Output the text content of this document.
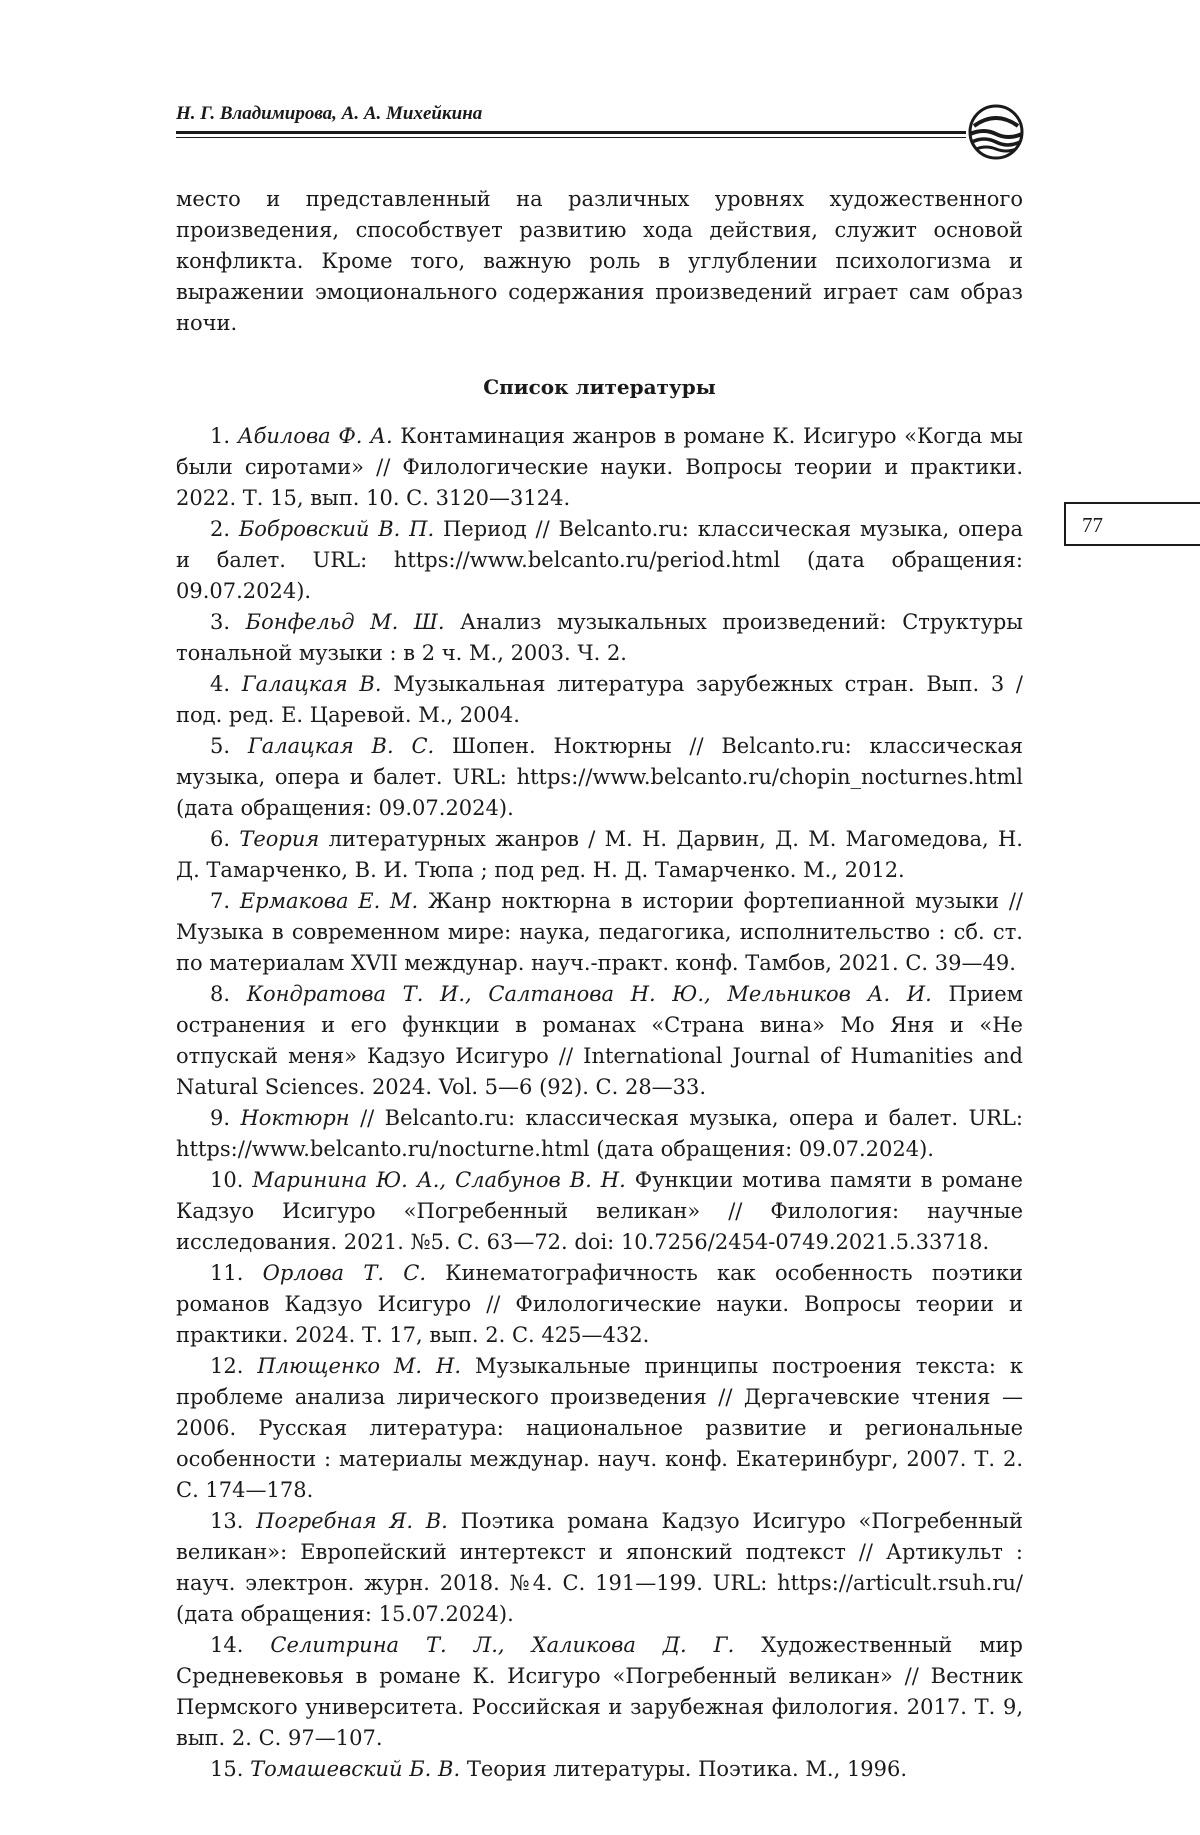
Н. Г. Владимирова, А. А. Михейкина
77

место и представленный на различных уровнях художественного произведения, способствует развитию хода действия, служит основой конфликта. Кроме того, важную роль в углублении психологизма и выражении эмоционального содержания произведений играет сам образ ночи.

Список литературы
1. Абилова Ф. А. Контаминация жанров в романе К. Исигуро «Когда мы были сиротами» // Филологические науки. Вопросы теории и практики. 2022. Т. 15, вып. 10. С. 3120—3124.
2. Бобровский В. П. Период // Belcanto.ru: классическая музыка, опера и балет. URL: https://www.belcanto.ru/period.html (дата обращения: 09.07.2024).
3. Бонфельд М. Ш. Анализ музыкальных произведений: Структуры тональной музыки : в 2 ч. М., 2003. Ч. 2.
4. Галацкая В. Музыкальная литература зарубежных стран. Вып. 3 / под. ред. Е. Царевой. М., 2004.
5. Галацкая В. С. Шопен. Ноктюрны // Belcanto.ru: классическая музыка, опера и балет. URL: https://www.belcanto.ru/chopin_nocturnes.html (дата обращения: 09.07.2024).
6. Теория литературных жанров / М. Н. Дарвин, Д. М. Магомедова, Н. Д. Тамарченко, В. И. Тюпа ; под ред. Н. Д. Тамарченко. М., 2012.
7. Ермакова Е. М. Жанр ноктюрна в истории фортепианной музыки // Музыка в современном мире: наука, педагогика, исполнительство : сб. ст. по материалам XVII междунар. науч.-практ. конф. Тамбов, 2021. С. 39—49.
8. Кондратова Т. И., Салтанова Н. Ю., Мельников А. И. Прием остранения и его функции в романах «Страна вина» Мо Яня и «Не отпускай меня» Кадзуо Исигуро // International Journal of Humanities and Natural Sciences. 2024. Vol. 5—6 (92). С. 28—33.
9. Ноктюрн // Belcanto.ru: классическая музыка, опера и балет. URL: https://www.belcanto.ru/nocturne.html (дата обращения: 09.07.2024).
10. Маринина Ю. А., Слабунов В. Н. Функции мотива памяти в романе Кадзуо Исигуро «Погребенный великан» // Филология: научные исследования. 2021. №5. С. 63—72. doi: 10.7256/2454-0749.2021.5.33718.
11. Орлова Т. С. Кинематографичность как особенность поэтики романов Кадзуо Исигуро // Филологические науки. Вопросы теории и практики. 2024. Т. 17, вып. 2. С. 425—432.
12. Плющенко М. Н. Музыкальные принципы построения текста: к проблеме анализа лирического произведения // Дергачевские чтения — 2006. Русская литература: национальное развитие и региональные особенности : материалы междунар. науч. конф. Екатеринбург, 2007. Т. 2. С. 174—178.
13. Погребная Я. В. Поэтика романа Кадзуо Исигуро «Погребенный великан»: Европейский интертекст и японский подтекст // Артикульт : науч. электрон. журн. 2018. №4. С. 191—199. URL: https://articult.rsuh.ru/ (дата обращения: 15.07.2024).
14. Селитрина Т. Л., Халикова Д. Г. Художественный мир Средневековья в романе К. Исигуро «Погребенный великан» // Вестник Пермского университета. Российская и зарубежная филология. 2017. Т. 9, вып. 2. С. 97—107.
15. Томашевский Б. В. Теория литературы. Поэтика. М., 1996.
